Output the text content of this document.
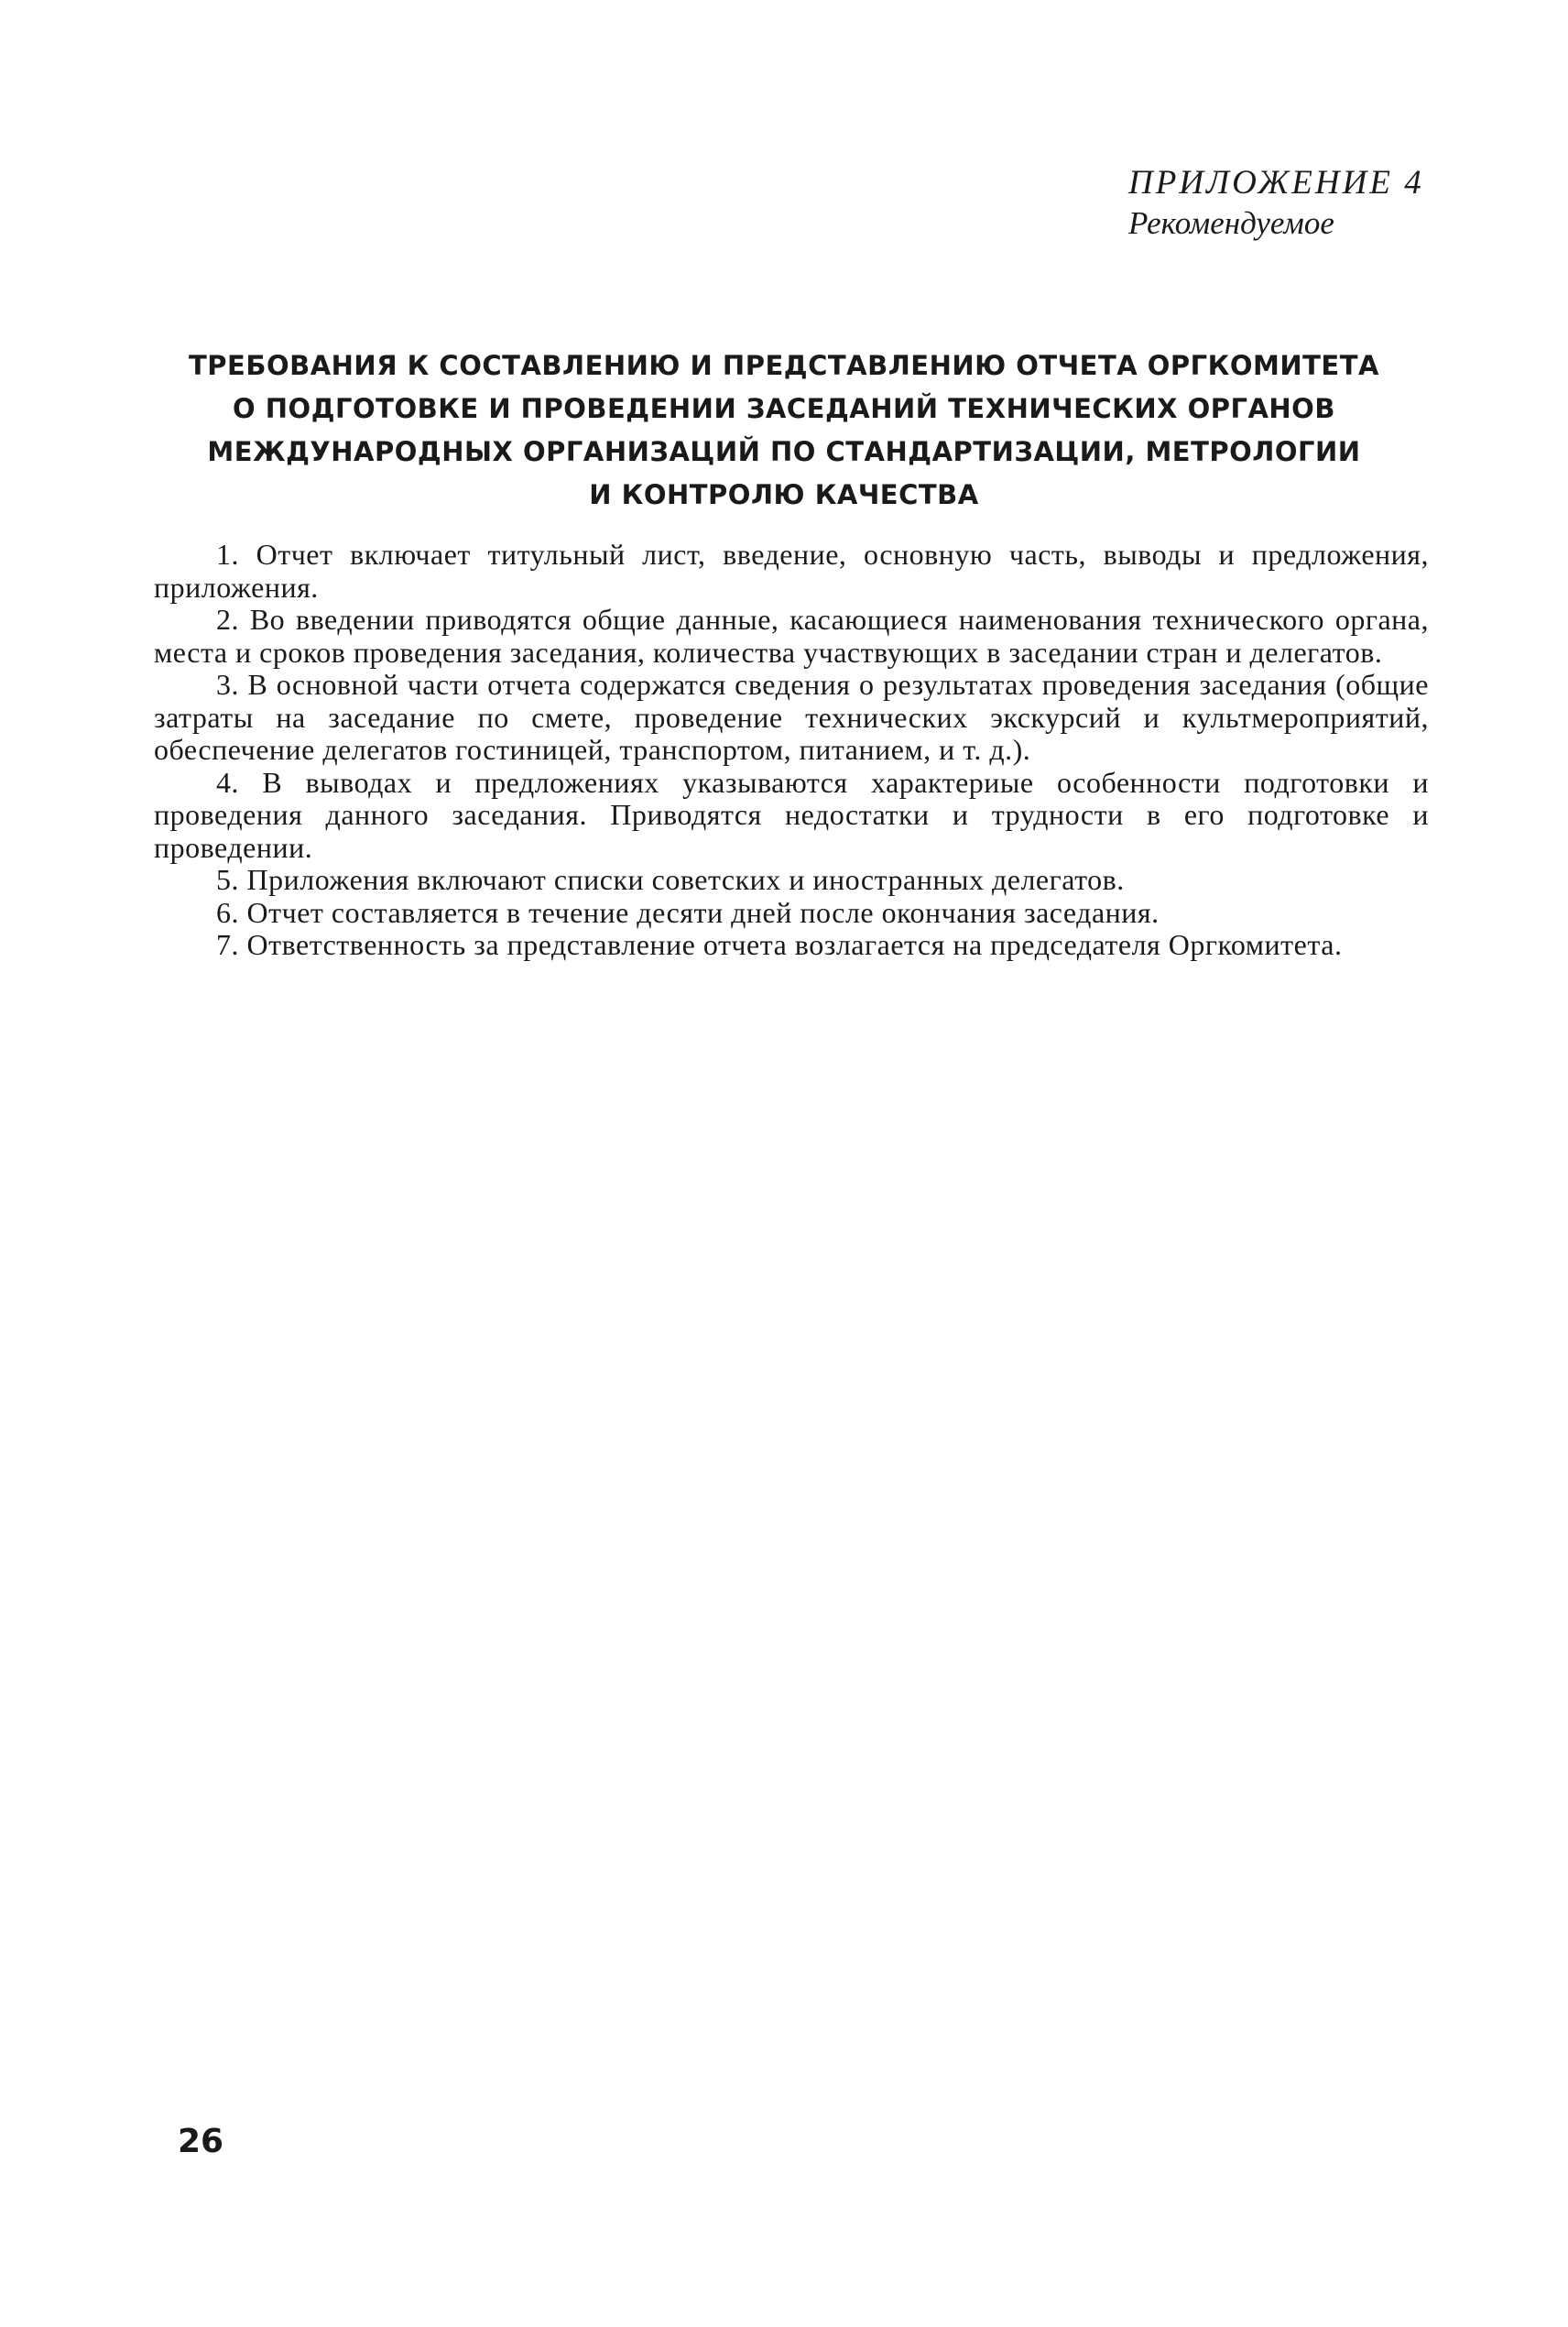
ПРИЛОЖЕНИЕ 4
Рекомендуемое
ТРЕБОВАНИЯ К СОСТАВЛЕНИЮ И ПРЕДСТАВЛЕНИЮ ОТЧЕТА ОРГКОМИТЕТА
О ПОДГОТОВКЕ И ПРОВЕДЕНИИ ЗАСЕДАНИЙ ТЕХНИЧЕСКИХ ОРГАНОВ
МЕЖДУНАРОДНЫХ ОРГАНИЗАЦИЙ ПО СТАНДАРТИЗАЦИИ, МЕТРОЛОГИИ
И КОНТРОЛЮ КАЧЕСТВА

1. Отчет включает титульный лист, введение, основную часть, выводы и предложения, приложения.

2. Во введении приводятся общие данные, касающиеся наименования технического органа, места и сроков проведения заседания, количества участвующих в заседании стран и делегатов.

3. В основной части отчета содержатся сведения о результатах проведения заседания (общие затраты на заседание по смете, проведение технических экскурсий и культмероприятий, обеспечение делегатов гостиницей, транспортом, питанием, и т. д.).

4. В выводах и предложениях указываются характериые особенности подготовки и проведения данного заседания. Приводятся недостатки и трудности в его подготовке и проведении.

5. Приложения включают списки советских и иностранных делегатов.

6. Отчет составляется в течение десяти дней после окончания заседания.

7. Ответственность за представление отчета возлагается на председателя Оргкомитета.

26
